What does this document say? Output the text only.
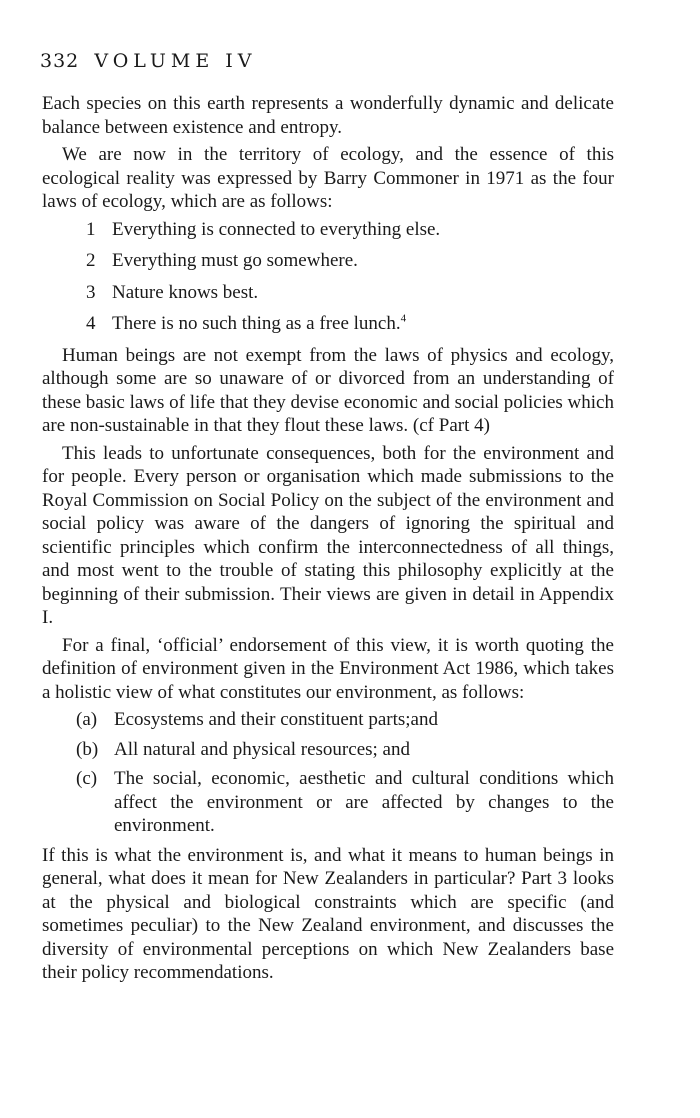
332 VOLUME IV

Each species on this earth represents a wonderfully dynamic and delicate balance between existence and entropy.

We are now in the territory of ecology, and the essence of this ecological reality was expressed by Barry Commoner in 1971 as the four laws of ecology, which are as follows:

1 Everything is connected to everything else.
2 Everything must go somewhere.
3 Nature knows best.
4 There is no such thing as a free lunch.$^4$

Human beings are not exempt from the laws of physics and ecology, although some are so unaware of or divorced from an understanding of these basic laws of life that they devise economic and social policies which are non-sustainable in that they flout these laws. (cf Part 4)

This leads to unfortunate consequences, both for the environment and for people. Every person or organisation which made submissions to the Royal Commission on Social Policy on the subject of the environment and social policy was aware of the dangers of ignoring the spiritual and scientific principles which confirm the interconnectedness of all things, and most went to the trouble of stating this philosophy explicitly at the beginning of their submission. Their views are given in detail in Appendix I.

For a final, ‘official’ endorsement of this view, it is worth quoting the definition of environment given in the Environment Act 1986, which takes a holistic view of what constitutes our environment, as follows:

(a) Ecosystems and their constituent parts;and
(b) All natural and physical resources; and
(c) The social, economic, aesthetic and cultural conditions which affect the environment or are affected by changes to the environment.

If this is what the environment is, and what it means to human beings in general, what does it mean for New Zealanders in particular? Part 3 looks at the physical and biological constraints which are specific (and sometimes peculiar) to the New Zealand environment, and discusses the diversity of environmental perceptions on which New Zealanders base their policy recommendations.
